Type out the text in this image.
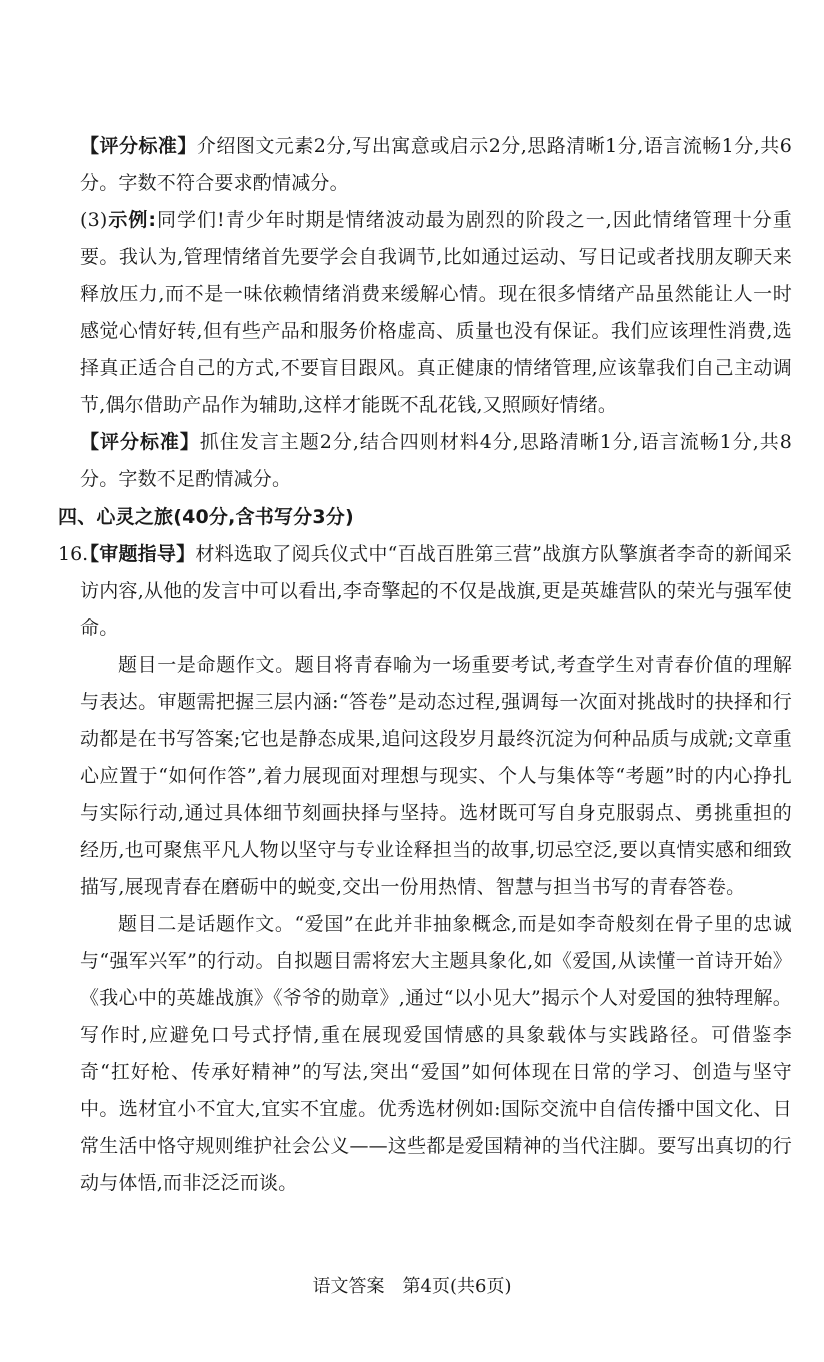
【评分标准】介绍图文元素2分,写出寓意或启示2分,思路清晰1分,语言流畅1分,共6分。字数不符合要求酌情减分。

(3)示例:同学们!青少年时期是情绪波动最为剧烈的阶段之一,因此情绪管理十分重要。我认为,管理情绪首先要学会自我调节,比如通过运动、写日记或者找朋友聊天来释放压力,而不是一味依赖情绪消费来缓解心情。现在很多情绪产品虽然能让人一时感觉心情好转,但有些产品和服务价格虚高、质量也没有保证。我们应该理性消费,选择真正适合自己的方式,不要盲目跟风。真正健康的情绪管理,应该靠我们自己主动调节,偶尔借助产品作为辅助,这样才能既不乱花钱,又照顾好情绪。

【评分标准】抓住发言主题2分,结合四则材料4分,思路清晰1分,语言流畅1分,共8分。字数不足酌情减分。

四、心灵之旅(40分,含书写分3分)

16.

【审题指导】材料选取了阅兵仪式中“百战百胜第三营”战旗方队擎旗者李奇的新闻采访内容,从他的发言中可以看出,李奇擎起的不仅是战旗,更是英雄营队的荣光与强军使命。

题目一是命题作文。题目将青春喻为一场重要考试,考查学生对青春价值的理解与表达。审题需把握三层内涵:“答卷”是动态过程,强调每一次面对挑战时的抉择和行动都是在书写答案;它也是静态成果,追问这段岁月最终沉淀为何种品质与成就;文章重心应置于“如何作答”,着力展现面对理想与现实、个人与集体等“考题”时的内心挣扎与实际行动,通过具体细节刻画抉择与坚持。选材既可写自身克服弱点、勇挑重担的经历,也可聚焦平凡人物以坚守与专业诠释担当的故事,切忌空泛,要以真情实感和细致描写,展现青春在磨砺中的蜕变,交出一份用热情、智慧与担当书写的青春答卷。

题目二是话题作文。“爱国”在此并非抽象概念,而是如李奇般刻在骨子里的忠诚与“强军兴军”的行动。自拟题目需将宏大主题具象化,如《爱国,从读懂一首诗开始》《我心中的英雄战旗》《爷爷的勋章》,通过“以小见大”揭示个人对爱国的独特理解。写作时,应避免口号式抒情,重在展现爱国情感的具象载体与实践路径。可借鉴李奇“扛好枪、传承好精神”的写法,突出“爱国”如何体现在日常的学习、创造与坚守中。选材宜小不宜大,宜实不宜虚。优秀选材例如:国际交流中自信传播中国文化、日常生活中恪守规则维护社会公义——这些都是爱国精神的当代注脚。要写出真切的行动与体悟,而非泛泛而谈。

语文答案　第4页(共6页)
